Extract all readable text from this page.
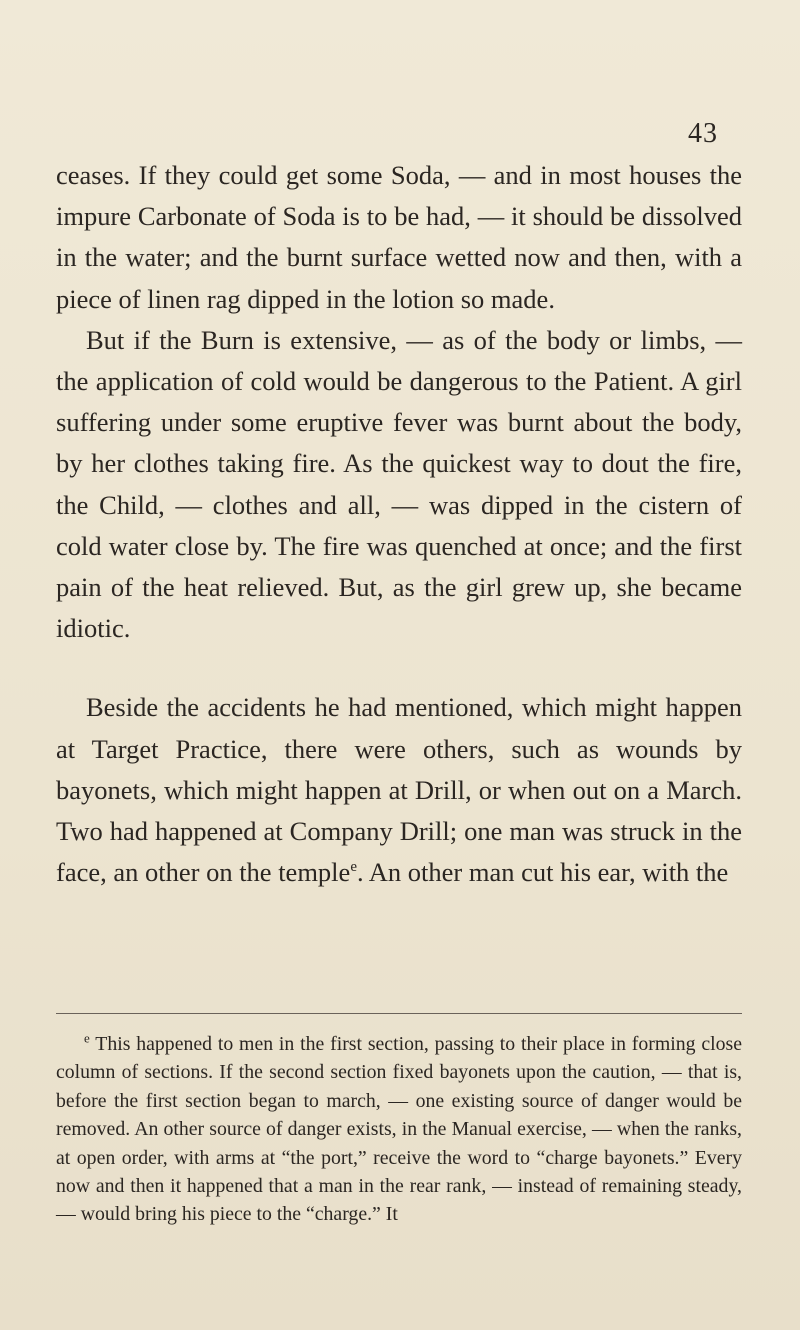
43

ceases. If they could get some Soda, — and in most houses the impure Carbonate of Soda is to be had, — it should be dissolved in the water; and the burnt surface wetted now and then, with a piece of linen rag dipped in the lotion so made.

But if the Burn is extensive, — as of the body or limbs, — the application of cold would be dangerous to the Patient. A girl suffering under some eruptive fever was burnt about the body, by her clothes taking fire. As the quickest way to dout the fire, the Child, — clothes and all, — was dipped in the cistern of cold water close by. The fire was quenched at once; and the first pain of the heat relieved. But, as the girl grew up, she became idiotic.

Beside the accidents he had mentioned, which might happen at Target Practice, there were others, such as wounds by bayonets, which might happen at Drill, or when out on a March. Two had happened at Company Drill; one man was struck in the face, an other on the temple$^e$. An other man cut his ear, with the

$^e$ This happened to men in the first section, passing to their place in forming close column of sections. If the second section fixed bayonets upon the caution, — that is, before the first section began to march, — one existing source of danger would be removed. An other source of danger exists, in the Manual exercise, — when the ranks, at open order, with arms at “the port,” receive the word to “charge bayonets.” Every now and then it happened that a man in the rear rank, — instead of remaining steady, — would bring his piece to the “charge.” It
